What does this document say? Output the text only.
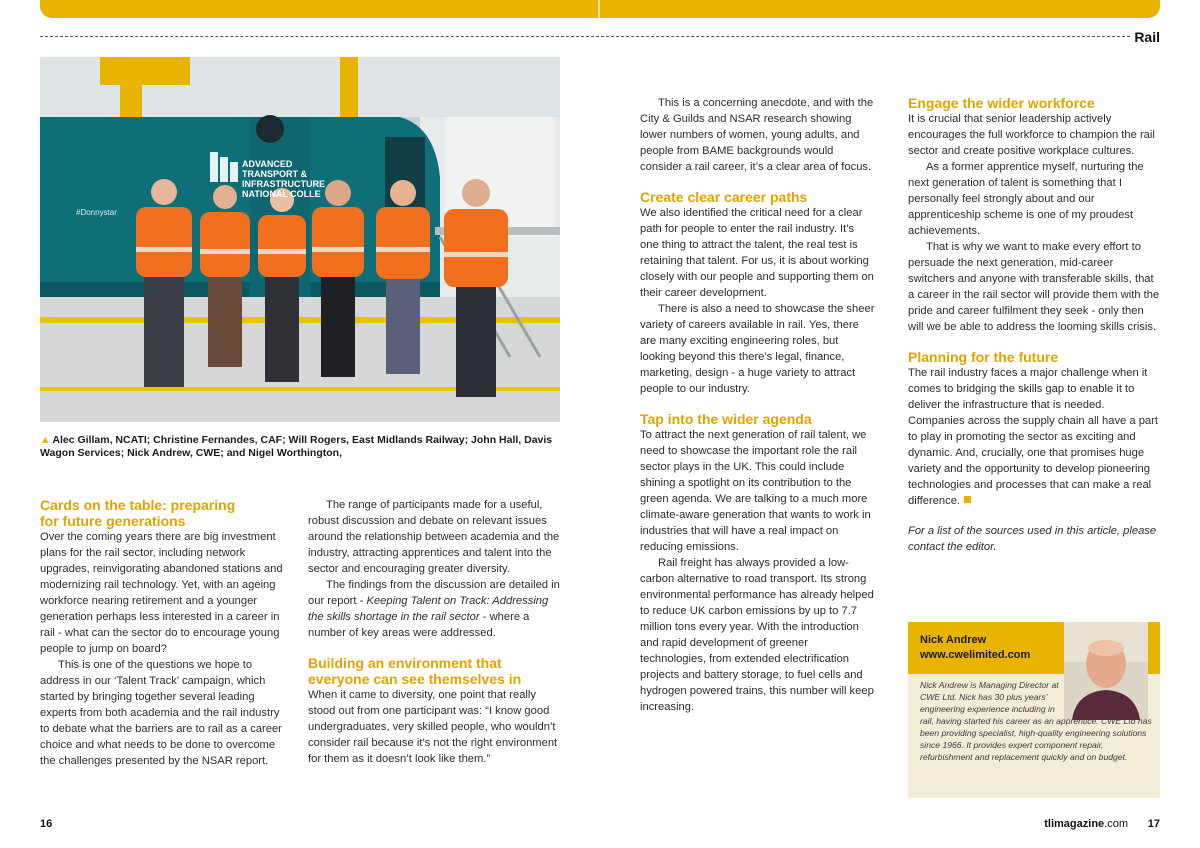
Rail
ADVANCED
TRANSPORT &
INFRASTRUCTURE
NATIONAL COLLE
#Donnystar
▲ Alec Gillam, NCATI; Christine Fernandes, CAF; Will Rogers, East Midlands Railway; John Hall, Davis Wagon Services; Nick Andrew, CWE; and Nigel Worthington,
Cards on the table: preparing
for future generations

Over the coming years there are big investment plans for the rail sector, including network upgrades, reinvigorating abandoned stations and modernizing rail technology. Yet, with an ageing workforce nearing retirement and a younger generation perhaps less interested in a career in rail - what can the sector do to encourage young people to jump on board?

This is one of the questions we hope to address in our ‘Talent Track’ campaign, which started by bringing together several leading experts from both academia and the rail industry to debate what the barriers are to rail as a career choice and what needs to be done to overcome the challenges presented by the NSAR report.

The range of participants made for a useful, robust discussion and debate on relevant issues around the relationship between academia and the industry, attracting apprentices and talent into the sector and encouraging greater diversity.

The findings from the discussion are detailed in our report - Keeping Talent on Track: Addressing the skills shortage in the rail sector - where a number of key areas were addressed.

Building an environment that
everyone can see themselves in

When it came to diversity, one point that really stood out from one participant was: “I know good undergraduates, very skilled people, who wouldn’t consider rail because it’s not the right environment for them as it doesn’t look like them.”

This is a concerning anecdote, and with the City & Guilds and NSAR research showing lower numbers of women, young adults, and people from BAME backgrounds would consider a rail career, it’s a clear area of focus.

Create clear career paths

We also identified the critical need for a clear path for people to enter the rail industry. It’s one thing to attract the talent, the real test is retaining that talent. For us, it is about working closely with our people and supporting them on their career development.

There is also a need to showcase the sheer variety of careers available in rail. Yes, there are many exciting engineering roles, but looking beyond this there’s legal, finance, marketing, design - a huge variety to attract people to our industry.

Tap into the wider agenda

To attract the next generation of rail talent, we need to showcase the important role the rail sector plays in the UK. This could include shining a spotlight on its contribution to the green agenda. We are talking to a much more climate-aware generation that wants to work in industries that will have a real impact on reducing emissions.

Rail freight has always provided a low-carbon alternative to road transport. Its strong environmental performance has already helped to reduce UK carbon emissions by up to 7.7 million tons every year. With the introduction and rapid development of greener technologies, from extended electrification projects and battery storage, to fuel cells and hydrogen powered trains, this number will keep increasing.

Engage the wider workforce

It is crucial that senior leadership actively encourages the full workforce to champion the rail sector and create positive workplace cultures.

As a former apprentice myself, nurturing the next generation of talent is something that I personally feel strongly about and our apprenticeship scheme is one of my proudest achievements.

That is why we want to make every effort to persuade the next generation, mid-career switchers and anyone with transferable skills, that a career in the rail sector will provide them with the pride and career fulfilment they seek - only then will we be able to address the looming skills crisis.

Planning for the future

The rail industry faces a major challenge when it comes to bridging the skills gap to enable it to deliver the infrastructure that is needed. Companies across the supply chain all have a part to play in promoting the sector as exciting and dynamic. And, crucially, one that promises huge variety and the opportunity to develop pioneering technologies and processes that can make a real difference.

For a list of the sources used in this article, please contact the editor.

Nick Andrew
www.cwelimited.com
Nick Andrew is Managing Director at CWE Ltd. Nick has 30 plus years’ engineering experience including in
rail, having started his career as an apprentice. CWE Ltd has been providing specialist, high-quality engineering solutions since 1966. It provides expert component repair, refurbishment and replacement quickly and on budget.
16	tlimagazine.com 17
